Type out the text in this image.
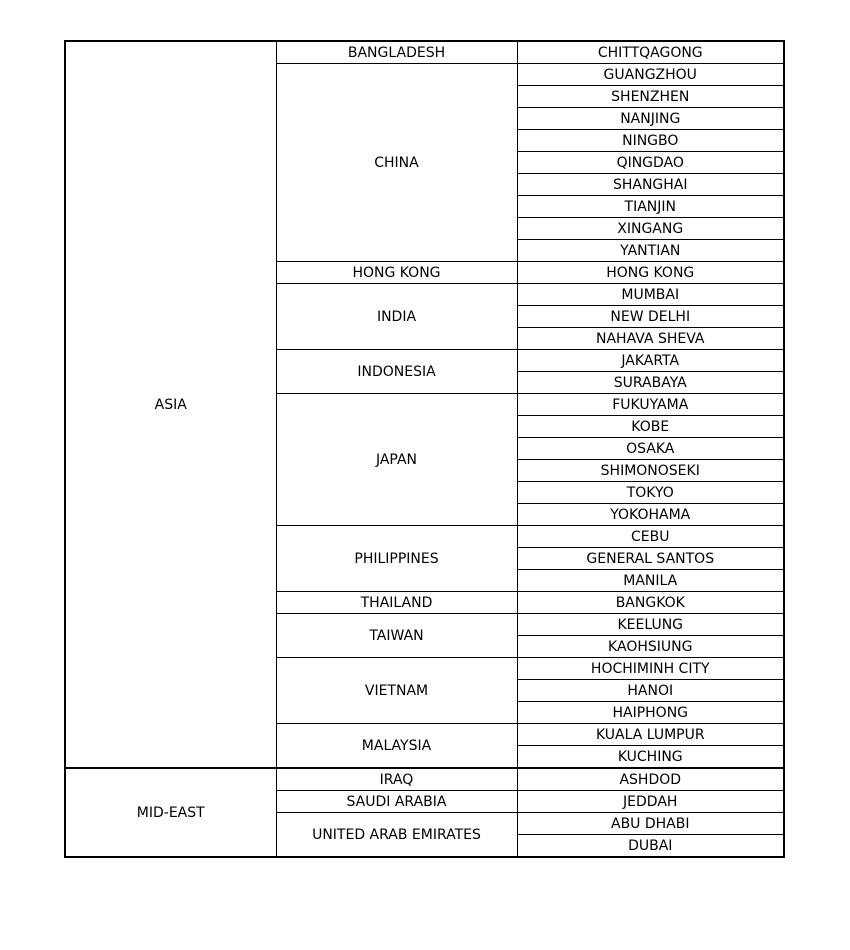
ASIA	BANGLADESH	CHITTQAGONG
	CHINA	GUANGZHOU
		SHENZHEN
		NANJING
		NINGBO
		QINGDAO
		SHANGHAI
		TIANJIN
		XINGANG
		YANTIAN
	HONG KONG	HONG KONG
	INDIA	MUMBAI
		NEW DELHI
		NAHAVA SHEVA
	INDONESIA	JAKARTA
		SURABAYA
	JAPAN	FUKUYAMA
		KOBE
		OSAKA
		SHIMONOSEKI
		TOKYO
		YOKOHAMA
	PHILIPPINES	CEBU
		GENERAL SANTOS
		MANILA
	THAILAND	BANGKOK
	TAIWAN	KEELUNG
		KAOHSIUNG
	VIETNAM	HOCHIMINH CITY
		HANOI
		HAIPHONG
	MALAYSIA	KUALA LUMPUR
		KUCHING
MID-EAST	IRAQ	ASHDOD
	SAUDI ARABIA	JEDDAH
	UNITED ARAB EMIRATES	ABU DHABI
		DUBAI
